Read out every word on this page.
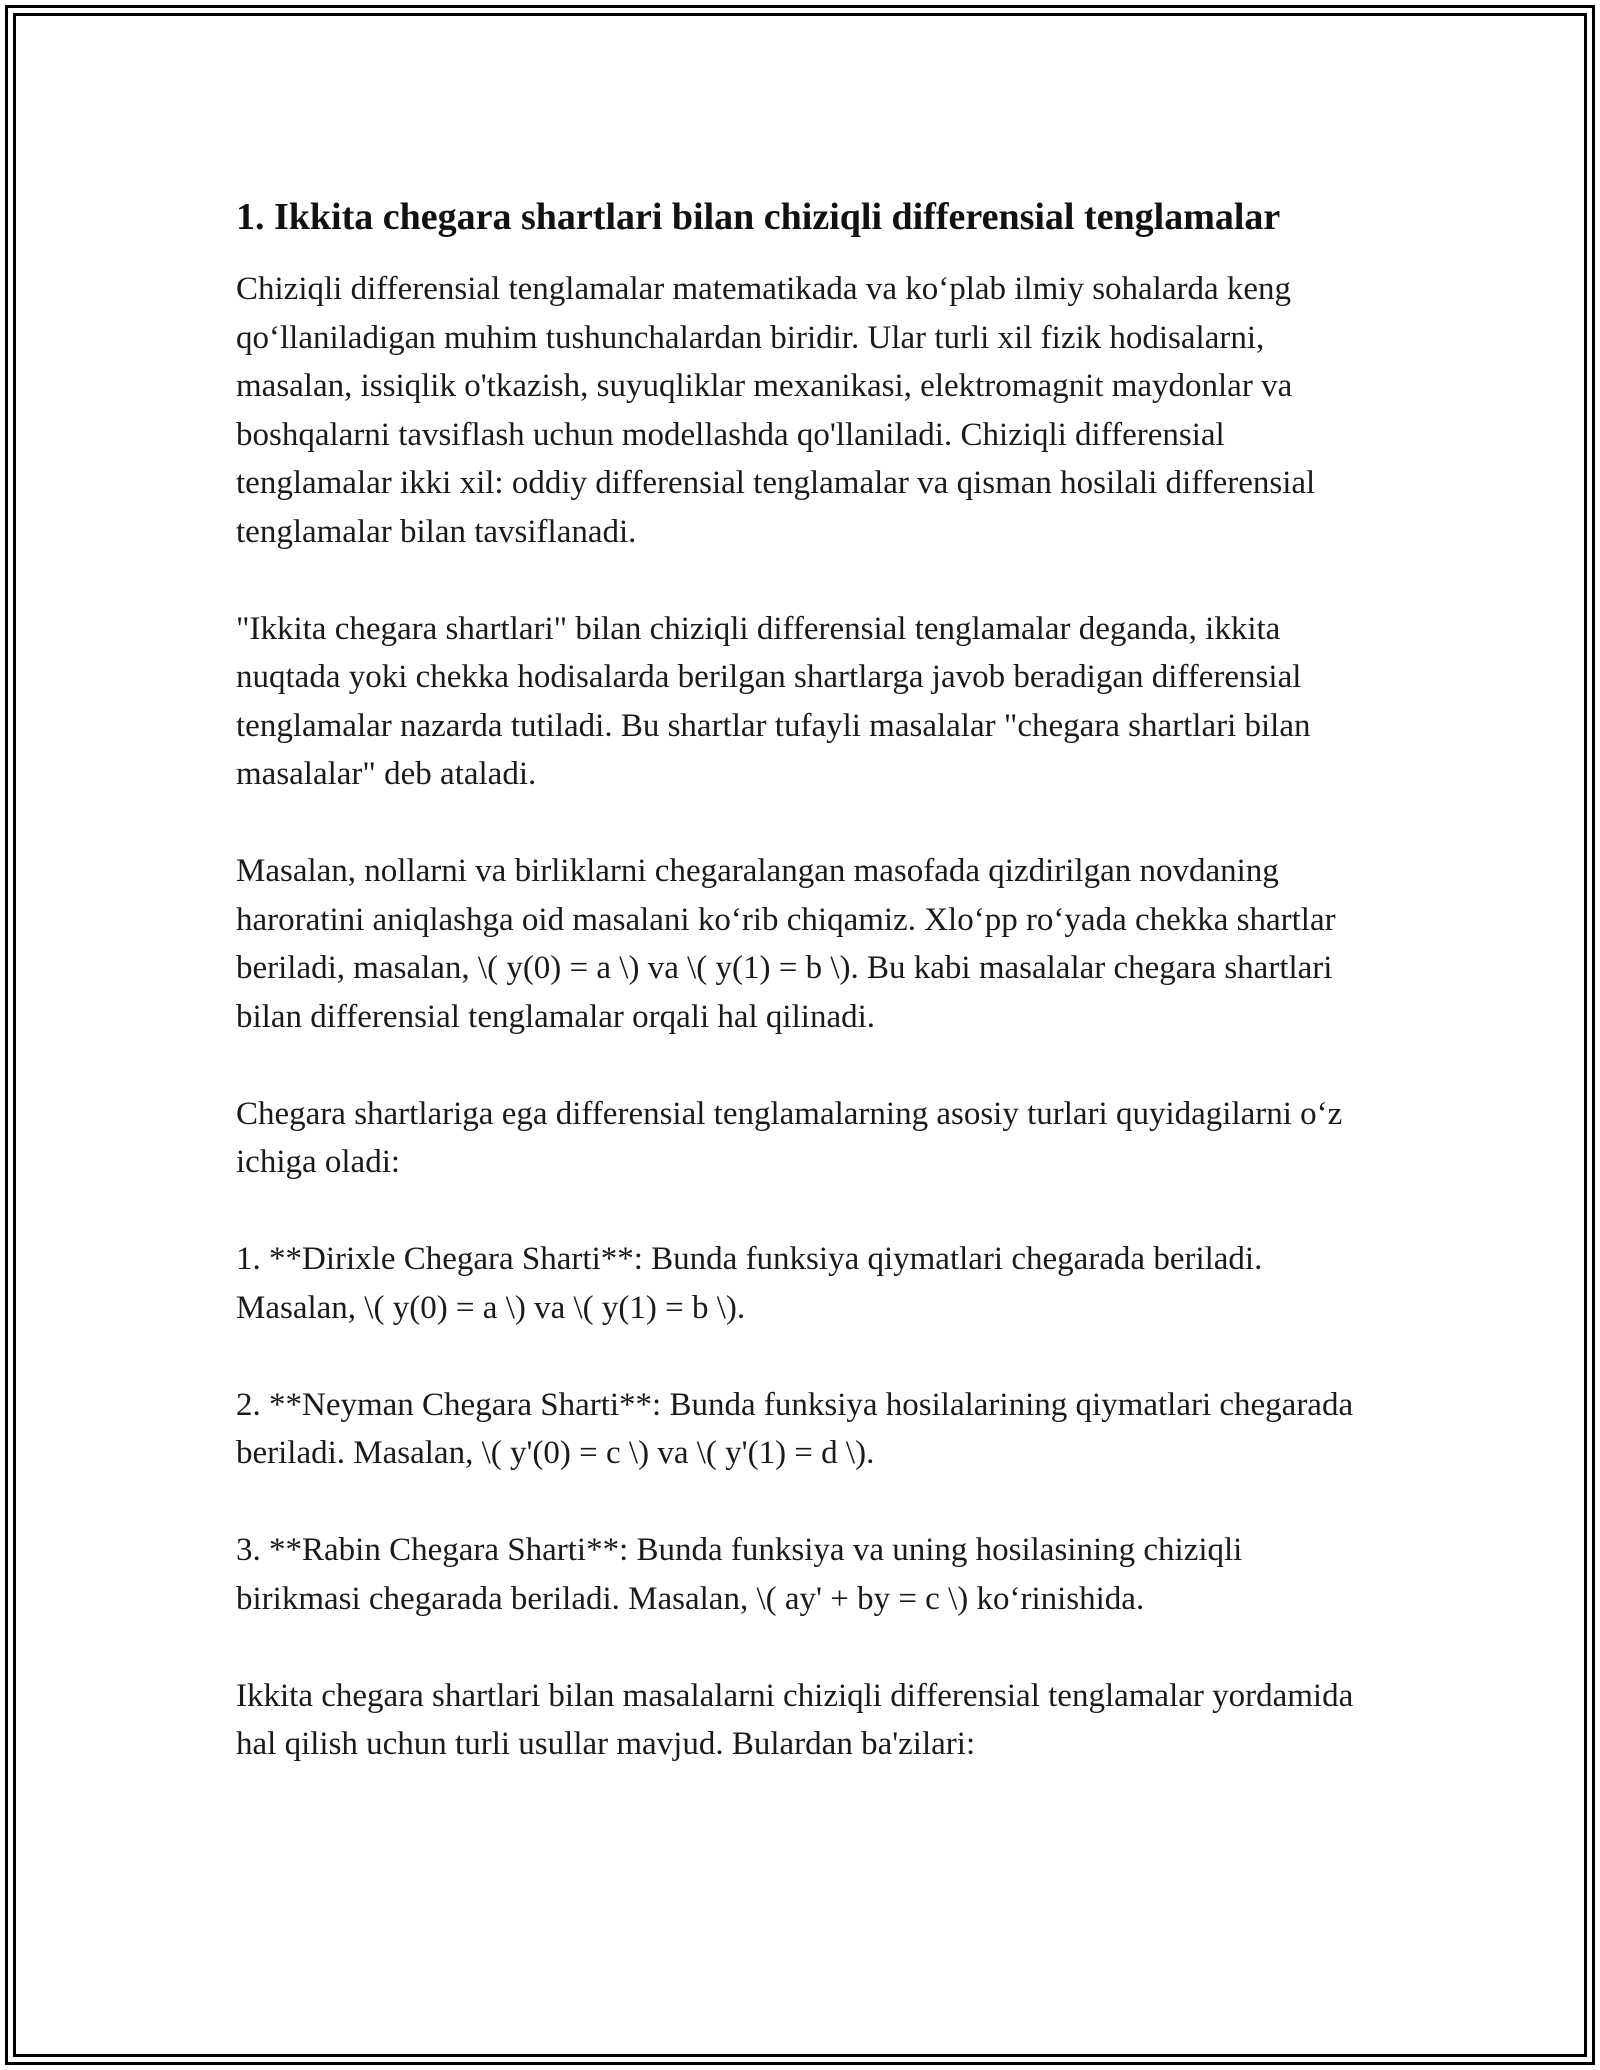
1. Ikkita chegara shartlari bilan chiziqli differensial tenglamalar

Chiziqli differensial tenglamalar matematikada va ko‘plab ilmiy sohalarda keng qo‘llaniladigan muhim tushunchalardan biridir. Ular turli xil fizik hodisalarni, masalan, issiqlik o'tkazish, suyuqliklar mexanikasi, elektromagnit maydonlar va boshqalarni tavsiflash uchun modellashda qo'llaniladi. Chiziqli differensial tenglamalar ikki xil: oddiy differensial tenglamalar va qisman hosilali differensial tenglamalar bilan tavsiflanadi.

"Ikkita chegara shartlari" bilan chiziqli differensial tenglamalar deganda, ikkita nuqtada yoki chekka hodisalarda berilgan shartlarga javob beradigan differensial tenglamalar nazarda tutiladi. Bu shartlar tufayli masalalar "chegara shartlari bilan masalalar" deb ataladi.

Masalan, nollarni va birliklarni chegaralangan masofada qizdirilgan novdaning haroratini aniqlashga oid masalani ko‘rib chiqamiz. Xlo‘pp ro‘yada chekka shartlar beriladi, masalan, \( y(0) = a \) va \( y(1) = b \). Bu kabi masalalar chegara shartlari bilan differensial tenglamalar orqali hal qilinadi.

Chegara shartlariga ega differensial tenglamalarning asosiy turlari quyidagilarni o‘z ichiga oladi:

1. **Dirixle Chegara Sharti**: Bunda funksiya qiymatlari chegarada beriladi. Masalan, \( y(0) = a \) va \( y(1) = b \).

2. **Neyman Chegara Sharti**: Bunda funksiya hosilalarining qiymatlari chegarada beriladi. Masalan, \( y'(0) = c \) va \( y'(1) = d \).

3. **Rabin Chegara Sharti**: Bunda funksiya va uning hosilasining chiziqli birikmasi chegarada beriladi. Masalan, \( ay' + by = c \) ko‘rinishida.

Ikkita chegara shartlari bilan masalalarni chiziqli differensial tenglamalar yordamida hal qilish uchun turli usullar mavjud. Bulardan ba'zilari:
